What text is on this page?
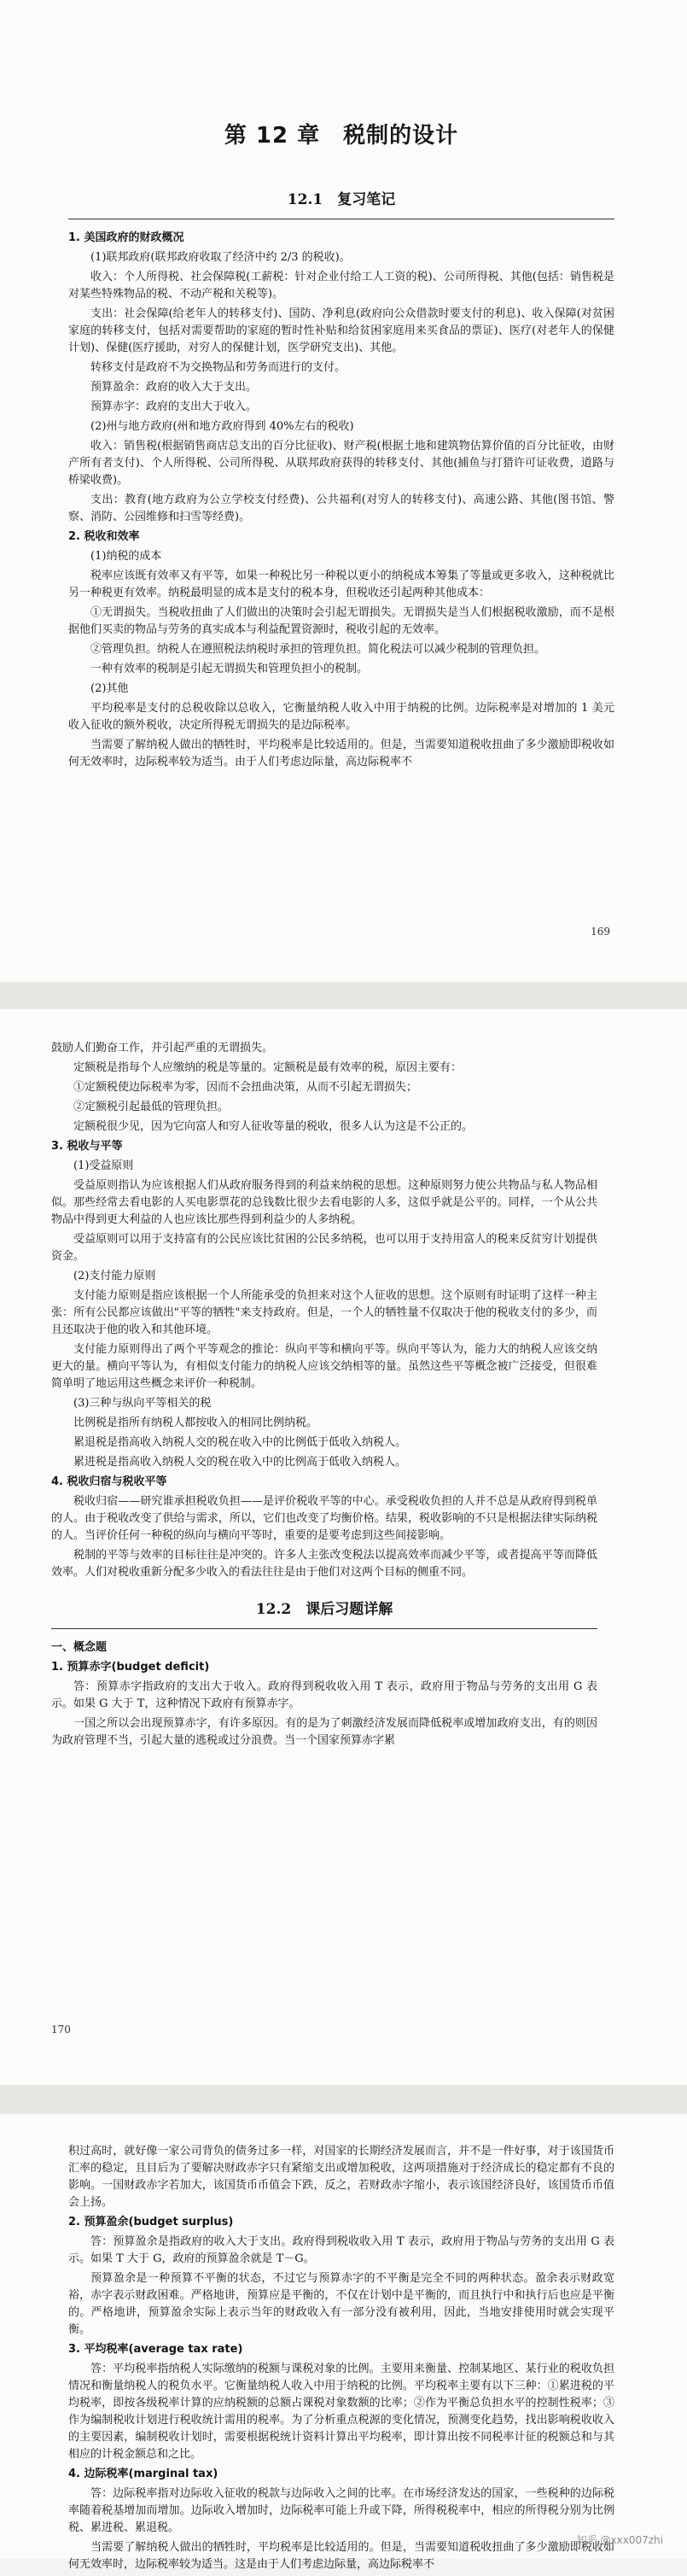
第 12 章　税制的设计
12.1　复习笔记

1. 美国政府的财政概况

(1)联邦政府(联邦政府收取了经济中约 2/3 的税收)。

收入：个人所得税、社会保障税(工薪税：针对企业付给工人工资的税)、公司所得税、其他(包括：销售税是对某些特殊物品的税、不动产税和关税等)。

支出：社会保障(给老年人的转移支付)、国防、净利息(政府向公众借款时要支付的利息)、收入保障(对贫困家庭的转移支付，包括对需要帮助的家庭的暂时性补贴和给贫困家庭用来买食品的票证)、医疗(对老年人的保健计划)、保健(医疗援助，对穷人的保健计划，医学研究支出)、其他。

转移支付是政府不为交换物品和劳务而进行的支付。

预算盈余：政府的收入大于支出。

预算赤字：政府的支出大于收入。

(2)州与地方政府(州和地方政府得到 40%左右的税收)

收入：销售税(根据销售商店总支出的百分比征收)、财产税(根据土地和建筑物估算价值的百分比征收，由财产所有者支付)、个人所得税、公司所得税、从联邦政府获得的转移支付、其他(捕鱼与打猎许可证收费，道路与桥梁收费)。

支出：教育(地方政府为公立学校支付经费)、公共福利(对穷人的转移支付)、高速公路、其他(图书馆、警察、消防、公园维修和扫雪等经费)。

2. 税收和效率

(1)纳税的成本

税率应该既有效率又有平等，如果一种税比另一种税以更小的纳税成本筹集了等量或更多收入，这种税就比另一种税更有效率。纳税最明显的成本是支付的税本身，但税收还引起两种其他成本：

①无谓损失。当税收扭曲了人们做出的决策时会引起无谓损失。无谓损失是当人们根据税收激励，而不是根据他们买卖的物品与劳务的真实成本与利益配置资源时，税收引起的无效率。

②管理负担。纳税人在遵照税法纳税时承担的管理负担。简化税法可以减少税制的管理负担。

一种有效率的税制是引起无谓损失和管理负担小的税制。

(2)其他

平均税率是支付的总税收除以总收入，它衡量纳税人收入中用于纳税的比例。边际税率是对增加的 1 美元收入征收的额外税收，决定所得税无谓损失的是边际税率。

当需要了解纳税人做出的牺牲时，平均税率是比较适用的。但是，当需要知道税收扭曲了多少激励即税收如何无效率时，边际税率较为适当。由于人们考虑边际量，高边际税率不

169

鼓励人们勤奋工作，并引起严重的无谓损失。

定额税是指每个人应缴纳的税是等量的。定额税是最有效率的税，原因主要有：

①定额税使边际税率为零，因而不会扭曲决策，从而不引起无谓损失；

②定额税引起最低的管理负担。

定额税很少见，因为它向富人和穷人征收等量的税收，很多人认为这是不公正的。

3. 税收与平等

(1)受益原则

受益原则指认为应该根据人们从政府服务得到的利益来纳税的思想。这种原则努力使公共物品与私人物品相似。那些经常去看电影的人买电影票花的总钱数比很少去看电影的人多，这似乎就是公平的。同样，一个从公共物品中得到更大利益的人也应该比那些得到利益少的人多纳税。

受益原则可以用于支持富有的公民应该比贫困的公民多纳税，也可以用于支持用富人的税来反贫穷计划提供资金。

(2)支付能力原则

支付能力原则是指应该根据一个人所能承受的负担来对这个人征收的思想。这个原则有时证明了这样一种主张：所有公民都应该做出"平等的牺牲"来支持政府。但是，一个人的牺牲量不仅取决于他的税收支付的多少，而且还取决于他的收入和其他环境。

支付能力原则得出了两个平等观念的推论：纵向平等和横向平等。纵向平等认为，能力大的纳税人应该交纳更大的量。横向平等认为，有相似支付能力的纳税人应该交纳相等的量。虽然这些平等概念被广泛接受，但很难简单明了地运用这些概念来评价一种税制。

(3)三种与纵向平等相关的税

比例税是指所有纳税人都按收入的相同比例纳税。

累退税是指高收入纳税人交的税在收入中的比例低于低收入纳税人。

累进税是指高收入纳税人交的税在收入中的比例高于低收入纳税人。

4. 税收归宿与税收平等

税收归宿——研究谁承担税收负担——是评价税收平等的中心。承受税收负担的人并不总是从政府得到税单的人。由于税收改变了供给与需求，所以，它们也改变了均衡价格。结果，税收影响的不只是根据法律实际纳税的人。当评价任何一种税的纵向与横向平等时，重要的是要考虑到这些间接影响。

税制的平等与效率的目标往往是冲突的。许多人主张改变税法以提高效率而减少平等，或者提高平等而降低效率。人们对税收重新分配多少收入的看法往往是由于他们对这两个目标的侧重不同。

12.2　课后习题详解

一、概念题

1. 预算赤字(budget deficit)

答：预算赤字指政府的支出大于收入。政府得到税收收入用 T 表示，政府用于物品与劳务的支出用 G 表示。如果 G 大于 T，这种情况下政府有预算赤字。

一国之所以会出现预算赤字，有许多原因。有的是为了刺激经济发展而降低税率或增加政府支出，有的则因为政府管理不当，引起大量的逃税或过分浪费。当一个国家预算赤字累

170

积过高时，就好像一家公司背负的债务过多一样，对国家的长期经济发展而言，并不是一件好事，对于该国货币汇率的稳定，且目后为了要解决财政赤字只有紧缩支出或增加税收，这两项措施对于经济成长的稳定都有不良的影响。一国财政赤字若加大，该国货币币值会下跌，反之，若财政赤字缩小，表示该国经济良好，该国货币币值会上扬。

2. 预算盈余(budget surplus)

答：预算盈余是指政府的收入大于支出。政府得到税收收入用 T 表示，政府用于物品与劳务的支出用 G 表示。如果 T 大于 G，政府的预算盈余就是 T－G。

预算盈余是一种预算不平衡的状态，不过它与预算赤字的不平衡是完全不同的两种状态。盈余表示财政宽裕，赤字表示财政困难。严格地讲，预算应是平衡的，不仅在计划中是平衡的，而且执行中和执行后也应是平衡的。严格地讲，预算盈余实际上表示当年的财政收入有一部分没有被利用，因此，当地安排使用时就会实现平衡。

3. 平均税率(average tax rate)

答：平均税率指纳税人实际缴纳的税额与课税对象的比例。主要用来衡量、控制某地区、某行业的税收负担情况和衡量纳税人的税负水平。它衡量纳税人收入中用于纳税的比例。平均税率主要有以下三种：①累进税的平均税率，即按各级税率计算的应纳税额的总额占课税对象数额的比率；②作为平衡总负担水平的控制性税率；③作为编制税收计划进行税收统计需用的税率。为了分析重点税源的变化情况，预测变化趋势，找出影响税收收入的主要因素，编制税收计划时，需要根据税统计资料计算出平均税率，即计算出按不同税率计征的税额总和与其相应的计税金额总和之比。

4. 边际税率(marginal tax)

答：边际税率指对边际收入征收的税款与边际收入之间的比率。在市场经济发达的国家，一些税种的边际税率随着税基增加而增加。边际收入增加时，边际税率可能上升或下降，所得税税率中，相应的所得税分别为比例税、累进税、累退税。

当需要了解纳税人做出的牺牲时，平均税率是比较适用的。但是，当需要知道税收扭曲了多少激励即税收如何无效率时，边际税率较为适当。这是由于人们考虑边际量，高边际税率不

知乎 @xxx007zhi
